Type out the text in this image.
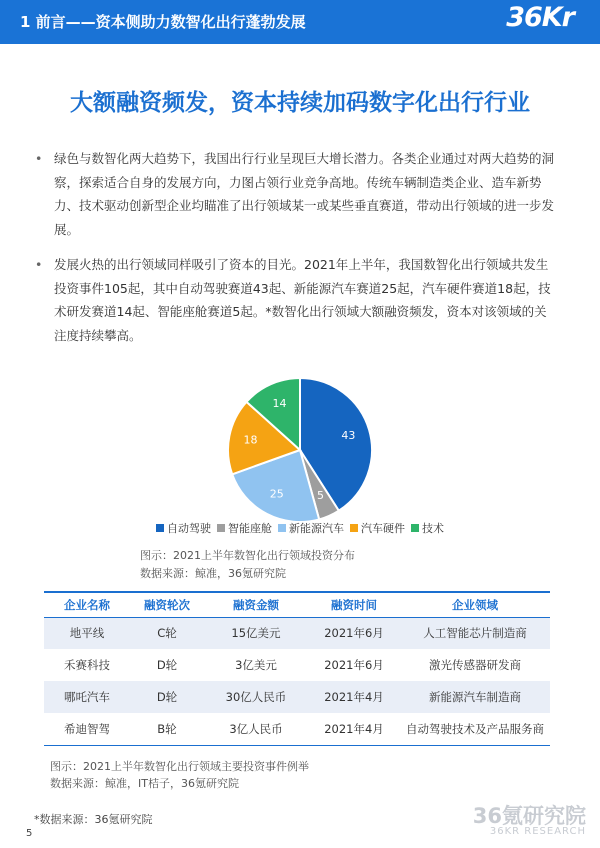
1 前言——资本侧助力数智化出行蓬勃发展	36Kr
大额融资频发，资本持续加码数字化出行行业
• 绿色与数智化两大趋势下，我国出行行业呈现巨大增长潜力。各类企业通过对两大趋势的洞察，探索适合自身的发展方向，力图占领行业竞争高地。传统车辆制造类企业、造车新势力、技术驱动创新型企业均瞄准了出行领域某一或某些垂直赛道，带动出行领域的进一步发展。
• 发展火热的出行领域同样吸引了资本的目光。2021年上半年，我国数智化出行领域共发生投资事件105起，其中自动驾驶赛道43起、新能源汽车赛道25起，汽车硬件赛道18起，技术研发赛道14起、智能座舱赛道5起。*数智化出行领域大额融资频发，资本对该领域的关注度持续攀高。
43
5
25
18
14
自动驾驶 智能座舱 新能源汽车 汽车硬件 技术
图示：2021上半年数智化出行领域投资分布
数据来源：鲸准，36氪研究院
企业名称	融资轮次	融资金额	融资时间	企业领域
地平线	C轮	15亿美元	2021年6月	人工智能芯片制造商
禾赛科技	D轮	3亿美元	2021年6月	激光传感器研发商
哪吒汽车	D轮	30亿人民币	2021年4月	新能源汽车制造商
希迪智驾	B轮	3亿人民币	2021年4月	自动驾驶技术及产品服务商
图示：2021上半年数智化出行领域主要投资事件例举
数据来源：鲸准，IT桔子，36氪研究院
*数据来源：36氪研究院
5
36氪研究院
36KR RESEARCH
